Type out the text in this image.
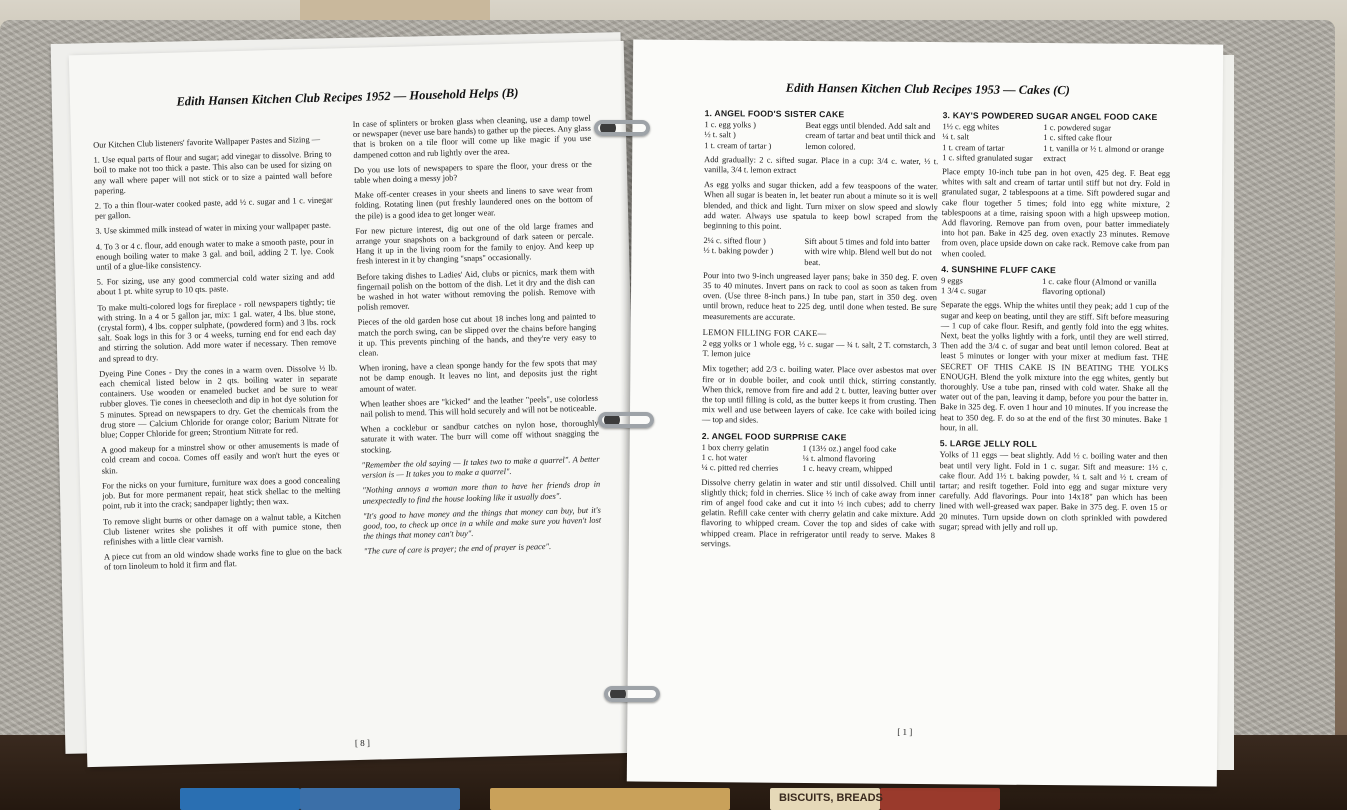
BISCUITS, BREADS
Edith Hansen Kitchen Club Recipes 1952 — Household Helps (B)

Our Kitchen Club listeners' favorite Wallpaper Pastes and Sizing —

1. Use equal parts of flour and sugar; add vinegar to dissolve. Bring to boil to make not too thick a paste. This also can be used for sizing on any wall where paper will not stick or to size a painted wall before papering.

2. To a thin flour-water cooked paste, add ½ c. sugar and 1 c. vinegar per gallon.

3. Use skimmed milk instead of water in mixing your wallpaper paste.

4. To 3 or 4 c. flour, add enough water to make a smooth paste, pour in enough boiling water to make 3 gal. and boil, adding 2 T. lye. Cook until of a glue-like consistency.

5. For sizing, use any good commercial cold water sizing and add about 1 pt. white syrup to 10 qts. paste.

To make multi-colored logs for fireplace - roll newspapers tightly; tie with string. In a 4 or 5 gallon jar, mix: 1 gal. water, 4 lbs. blue stone, (crystal form), 4 lbs. copper sulphate, (powdered form) and 3 lbs. rock salt. Soak logs in this for 3 or 4 weeks, turning end for end each day and stirring the solution. Add more water if necessary. Then remove and spread to dry.

Dyeing Pine Cones - Dry the cones in a warm oven. Dissolve ½ lb. each chemical listed below in 2 qts. boiling water in separate containers. Use wooden or enameled bucket and be sure to wear rubber gloves. Tie cones in cheesecloth and dip in hot dye solution for 5 minutes. Spread on newspapers to dry. Get the chemicals from the drug store — Calcium Chloride for orange color; Barium Nitrate for blue; Copper Chloride for green; Strontium Nitrate for red.

A good makeup for a minstrel show or other amusements is made of cold cream and cocoa. Comes off easily and won't hurt the eyes or skin.

For the nicks on your furniture, furniture wax does a good concealing job. But for more permanent repair, heat stick shellac to the melting point, rub it into the crack; sandpaper lightly; then wax.

To remove slight burns or other damage on a walnut table, a Kitchen Club listener writes she polishes it off with pumice stone, then refinishes with a little clear varnish.

A piece cut from an old window shade works fine to glue on the back of torn linoleum to hold it firm and flat.

In case of splinters or broken glass when cleaning, use a damp towel or newspaper (never use bare hands) to gather up the pieces. Any glass that is broken on a tile floor will come up like magic if you use dampened cotton and rub lightly over the area.

Do you use lots of newspapers to spare the floor, your dress or the table when doing a messy job?

Make off-center creases in your sheets and linens to save wear from folding. Rotating linen (put freshly laundered ones on the bottom of the pile) is a good idea to get longer wear.

For new picture interest, dig out one of the old large frames and arrange your snapshots on a background of dark sateen or percale. Hang it up in the living room for the family to enjoy. And keep up fresh interest in it by changing "snaps" occasionally.

Before taking dishes to Ladies' Aid, clubs or picnics, mark them with fingernail polish on the bottom of the dish. Let it dry and the dish can be washed in hot water without removing the polish. Remove with polish remover.

Pieces of the old garden hose cut about 18 inches long and painted to match the porch swing, can be slipped over the chains before hanging it up. This prevents pinching of the hands, and they're very easy to clean.

When ironing, have a clean sponge handy for the few spots that may not be damp enough. It leaves no lint, and deposits just the right amount of water.

When leather shoes are "kicked" and the leather "peels", use colorless nail polish to mend. This will hold securely and will not be noticeable.

When a cocklebur or sandbur catches on nylon hose, thoroughly saturate it with water. The burr will come off without snagging the stocking.

"Remember the old saying — It takes two to make a quarrel". A better version is — It takes you to make a quarrel".

"Nothing annoys a woman more than to have her friends drop in unexpectedly to find the house looking like it usually does".

"It's good to have money and the things that money can buy, but it's good, too, to check up once in a while and make sure you haven't lost the things that money can't buy".

"The cure of care is prayer; the end of prayer is peace".

[ 8 ]
Edith Hansen Kitchen Club Recipes 1953 — Cakes (C)
1. ANGEL FOOD'S SISTER CAKE
1 c. egg yolks )
½ t. salt )
1 t. cream of tartar )
Beat eggs until blended. Add salt and cream of tartar and beat until thick and lemon colored.

Add gradually: 2 c. sifted sugar. Place in a cup: 3/4 c. water, ½ t. vanilla, 3/4 t. lemon extract

As egg yolks and sugar thicken, add a few teaspoons of the water. When all sugar is beaten in, let beater run about a minute so it is well blended, and thick and light. Turn mixer on slow speed and slowly add water. Always use spatula to keep bowl scraped from the beginning to this point.

2¼ c. sifted flour )
½ t. baking powder )
Sift about 5 times and fold into batter with wire whip. Blend well but do not beat.

Pour into two 9-inch ungreased layer pans; bake in 350 deg. F. oven 35 to 40 minutes. Invert pans on rack to cool as soon as taken from oven. (Use three 8-inch pans.) In tube pan, start in 350 deg. oven until brown, reduce heat to 225 deg. until done when tested. Be sure measurements are accurate.

LEMON FILLING FOR CAKE—

2 egg yolks or 1 whole egg, ½ c. sugar — ¾ t. salt, 2 T. cornstarch, 3 T. lemon juice

Mix together; add 2/3 c. boiling water. Place over asbestos mat over fire or in double boiler, and cook until thick, stirring constantly. When thick, remove from fire and add 2 t. butter, leaving butter over the top until filling is cold, as the butter keeps it from crusting. Then mix well and use between layers of cake. Ice cake with boiled icing — top and sides.

2. ANGEL FOOD SURPRISE CAKE
1 box cherry gelatin
1 c. hot water
¼ c. pitted red cherries
1 (13½ oz.) angel food cake
¼ t. almond flavoring
1 c. heavy cream, whipped

Dissolve cherry gelatin in water and stir until dissolved. Chill until slightly thick; fold in cherries. Slice ½ inch of cake away from inner rim of angel food cake and cut it into ½ inch cubes; add to cherry gelatin. Refill cake center with cherry gelatin and cake mixture. Add flavoring to whipped cream. Cover the top and sides of cake with whipped cream. Place in refrigerator until ready to serve. Makes 8 servings.

3. KAY'S POWDERED SUGAR ANGEL FOOD CAKE
1½ c. egg whites
¼ t. salt
1 t. cream of tartar
1 c. sifted granulated sugar
1 c. powdered sugar
1 c. sifted cake flour
1 t. vanilla or ½ t. almond or orange extract

Place empty 10-inch tube pan in hot oven, 425 deg. F. Beat egg whites with salt and cream of tartar until stiff but not dry. Fold in granulated sugar, 2 tablespoons at a time. Sift powdered sugar and cake flour together 5 times; fold into egg white mixture, 2 tablespoons at a time, raising spoon with a high upsweep motion. Add flavoring. Remove pan from oven, pour batter immediately into hot pan. Bake in 425 deg. oven exactly 23 minutes. Remove from oven, place upside down on cake rack. Remove cake from pan when cooled.

4. SUNSHINE FLUFF CAKE
9 eggs
1 3/4 c. sugar
1 c. cake flour (Almond or vanilla flavoring optional)

Separate the eggs. Whip the whites until they peak; add 1 cup of the sugar and keep on beating, until they are stiff. Sift before measuring — 1 cup of cake flour. Resift, and gently fold into the egg whites. Next, beat the yolks lightly with a fork, until they are well stirred. Then add the 3/4 c. of sugar and beat until lemon colored. Beat at least 5 minutes or longer with your mixer at medium fast. THE SECRET OF THIS CAKE IS IN BEATING THE YOLKS ENOUGH. Blend the yolk mixture into the egg whites, gently but thoroughly. Use a tube pan, rinsed with cold water. Shake all the water out of the pan, leaving it damp, before you pour the batter in. Bake in 325 deg. F. oven 1 hour and 10 minutes. If you increase the heat to 350 deg. F. do so at the end of the first 30 minutes. Bake 1 hour, in all.

5. LARGE JELLY ROLL

Yolks of 11 eggs — beat slightly. Add ½ c. boiling water and then beat until very light. Fold in 1 c. sugar. Sift and measure: 1½ c. cake flour. Add 1½ t. baking powder, ¼ t. salt and ½ t. cream of tartar; and resift together. Fold into egg and sugar mixture very carefully. Add flavorings. Pour into 14x18" pan which has been lined with well-greased wax paper. Bake in 375 deg. F. oven 15 or 20 minutes. Turn upside down on cloth sprinkled with powdered sugar; spread with jelly and roll up.

[ 1 ]
